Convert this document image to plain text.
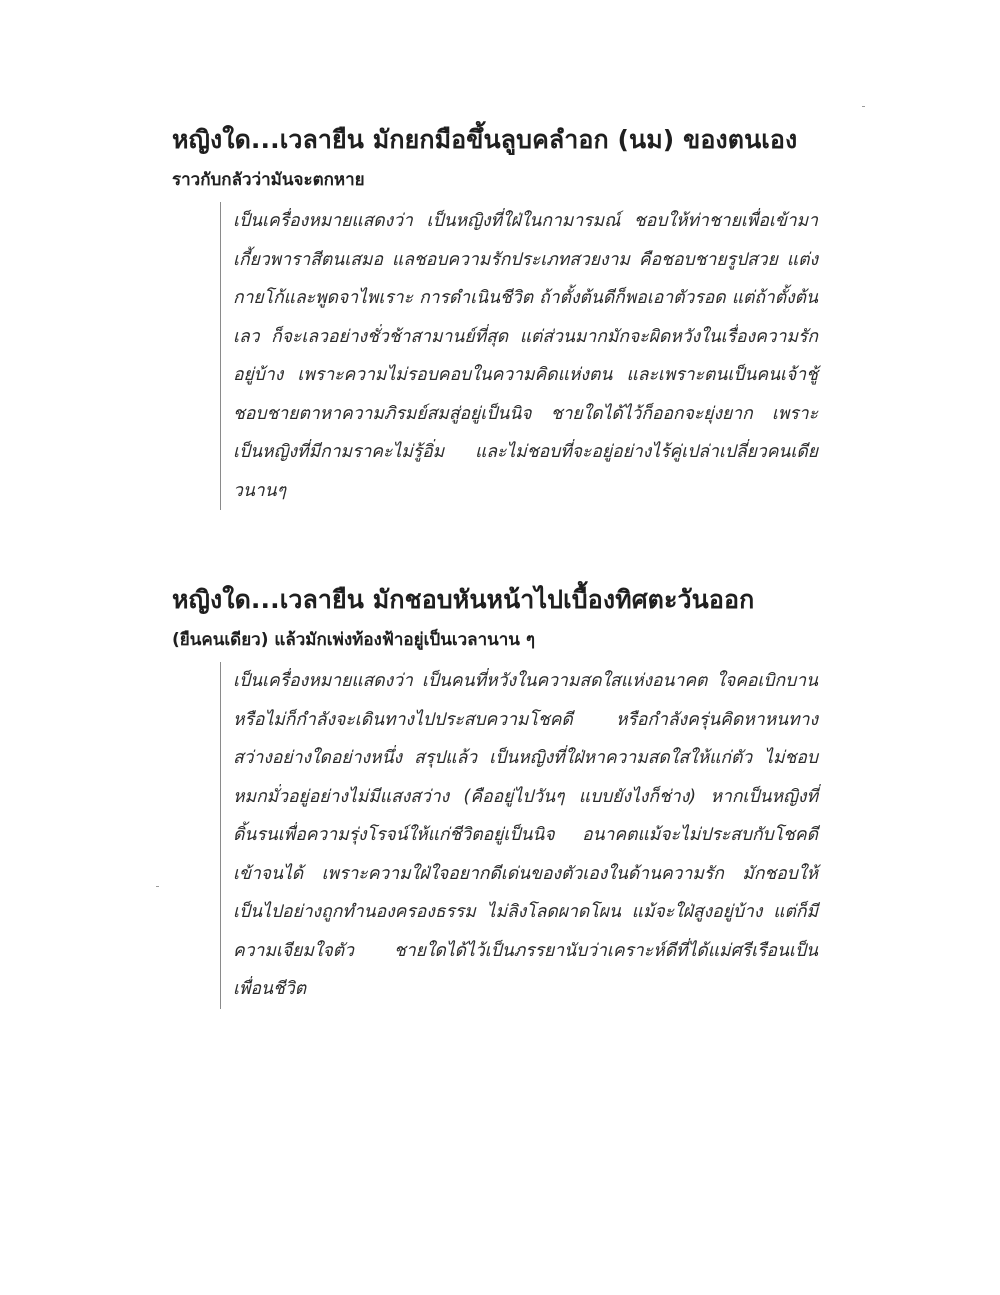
หญิงใด...เวลายืน มักยกมือขึ้นลูบคลำอก (นม) ของตนเอง
ราวกับกลัวว่ามันจะตกหาย

เป็นเครื่องหมายแสดงว่า เป็นหญิงที่ใฝ่ในกามารมณ์ ชอบให้ท่าชายเพื่อเข้ามาเกี้ยวพาราสีตนเสมอ แลชอบความรักประเภทสวยงาม คือชอบชายรูปสวย แต่งกายโก้และพูดจาไพเราะ การดำเนินชีวิต ถ้าตั้งต้นดีก็พอเอาตัวรอด แต่ถ้าตั้งต้นเลว ก็จะเลวอย่างชั่วช้าสามานย์ที่สุด แต่ส่วนมากมักจะผิดหวังในเรื่องความรักอยู่บ้าง เพราะความไม่รอบคอบในความคิดแห่งตน และเพราะตนเป็นคนเจ้าชู้ ชอบชายตาหาความภิรมย์สมสู่อยู่เป็นนิจ ชายใดได้ไว้ก็ออกจะยุ่งยาก เพราะเป็นหญิงที่มีกามราคะไม่รู้อิ่ม และไม่ชอบที่จะอยู่อย่างไร้คู่เปล่าเปลี่ยวคนเดียวนานๆ

หญิงใด...เวลายืน มักชอบหันหน้าไปเบื้องทิศตะวันออก
(ยืนคนเดียว) แล้วมักเพ่งท้องฟ้าอยู่เป็นเวลานาน ๆ

เป็นเครื่องหมายแสดงว่า เป็นคนที่หวังในความสดใสแห่งอนาคต ใจคอเบิกบาน หรือไม่ก็กำลังจะเดินทางไปประสบความโชคดี หรือกำลังครุ่นคิดหาหนทางสว่างอย่างใดอย่างหนึ่ง สรุปแล้ว เป็นหญิงที่ใฝ่หาความสดใสให้แก่ตัว ไม่ชอบหมกมั่วอยู่อย่างไม่มีแสงสว่าง (คืออยู่ไปวันๆ แบบยังไงก็ช่าง) หากเป็นหญิงที่ดิ้นรนเพื่อความรุ่งโรจน์ให้แก่ชีวิตอยู่เป็นนิจ อนาคตแม้จะไม่ประสบกับโชคดีเข้าจนได้ เพราะความใฝ่ใจอยากดีเด่นของตัวเองในด้านความรัก มักชอบให้เป็นไปอย่างถูกทำนองครองธรรม ไม่ลิงโลดผาดโผน แม้จะใฝ่สูงอยู่บ้าง แต่ก็มีความเจียมใจตัว ชายใดได้ไว้เป็นภรรยานับว่าเคราะห์ดีที่ได้แม่ศรีเรือนเป็นเพื่อนชีวิต
